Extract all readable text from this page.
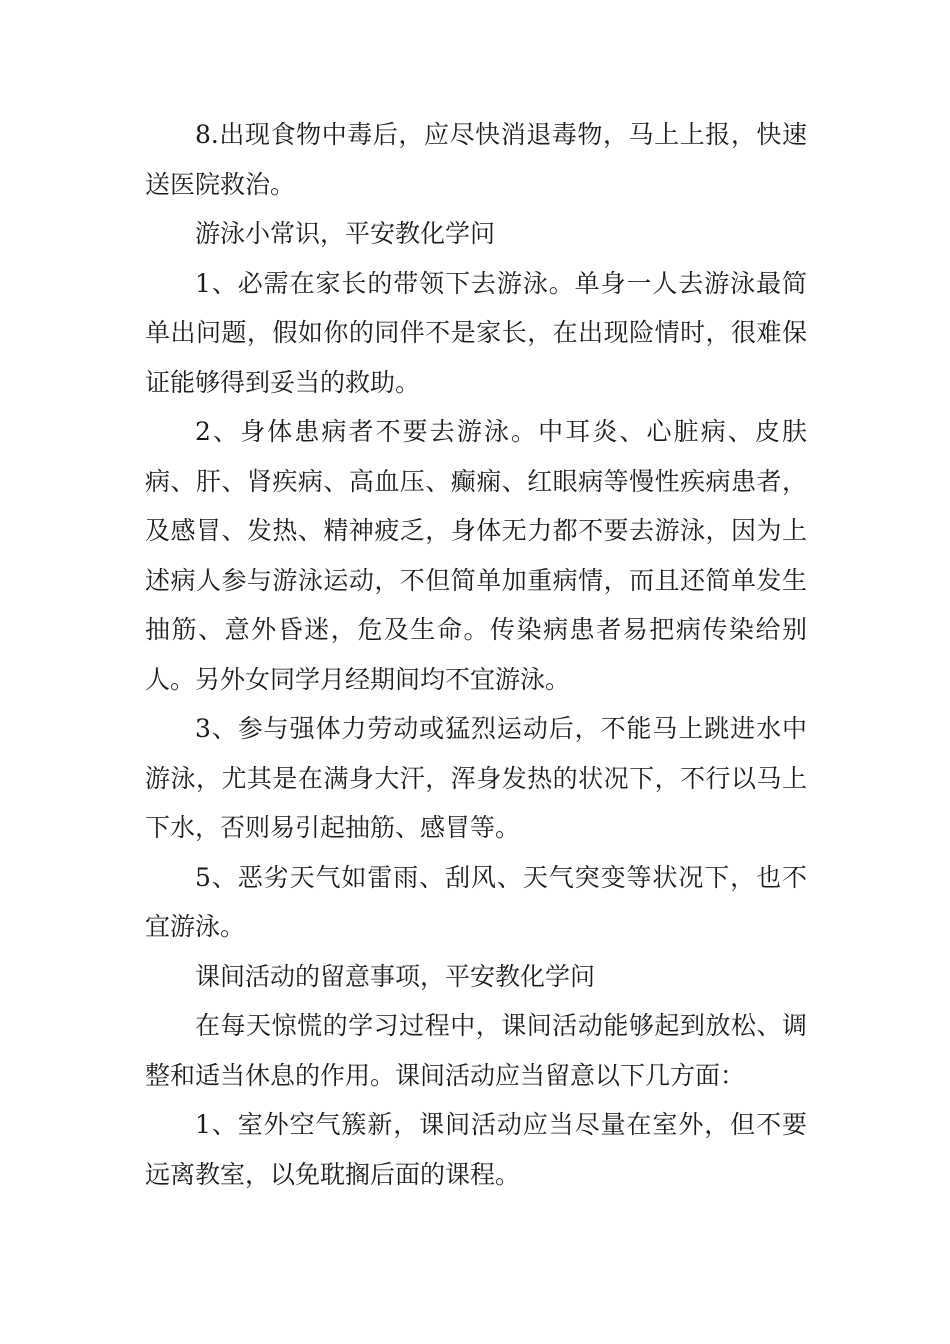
8.出现食物中毒后，应尽快消退毒物，马上上报，快速送医院救治。

游泳小常识，平安教化学问

1、必需在家长的带领下去游泳。单身一人去游泳最简单出问题，假如你的同伴不是家长，在出现险情时，很难保证能够得到妥当的救助。

2、身体患病者不要去游泳。中耳炎、心脏病、皮肤病、肝、肾疾病、高血压、癫痫、红眼病等慢性疾病患者，及感冒、发热、精神疲乏，身体无力都不要去游泳，因为上述病人参与游泳运动，不但简单加重病情，而且还简单发生抽筋、意外昏迷，危及生命。传染病患者易把病传染给别人。另外女同学月经期间均不宜游泳。

3、参与强体力劳动或猛烈运动后，不能马上跳进水中游泳，尤其是在满身大汗，浑身发热的状况下，不行以马上下水，否则易引起抽筋、感冒等。

5、恶劣天气如雷雨、刮风、天气突变等状况下，也不宜游泳。

课间活动的留意事项，平安教化学问

在每天惊慌的学习过程中，课间活动能够起到放松、调整和适当休息的作用。课间活动应当留意以下几方面：

1、室外空气簇新，课间活动应当尽量在室外，但不要远离教室，以免耽搁后面的课程。
